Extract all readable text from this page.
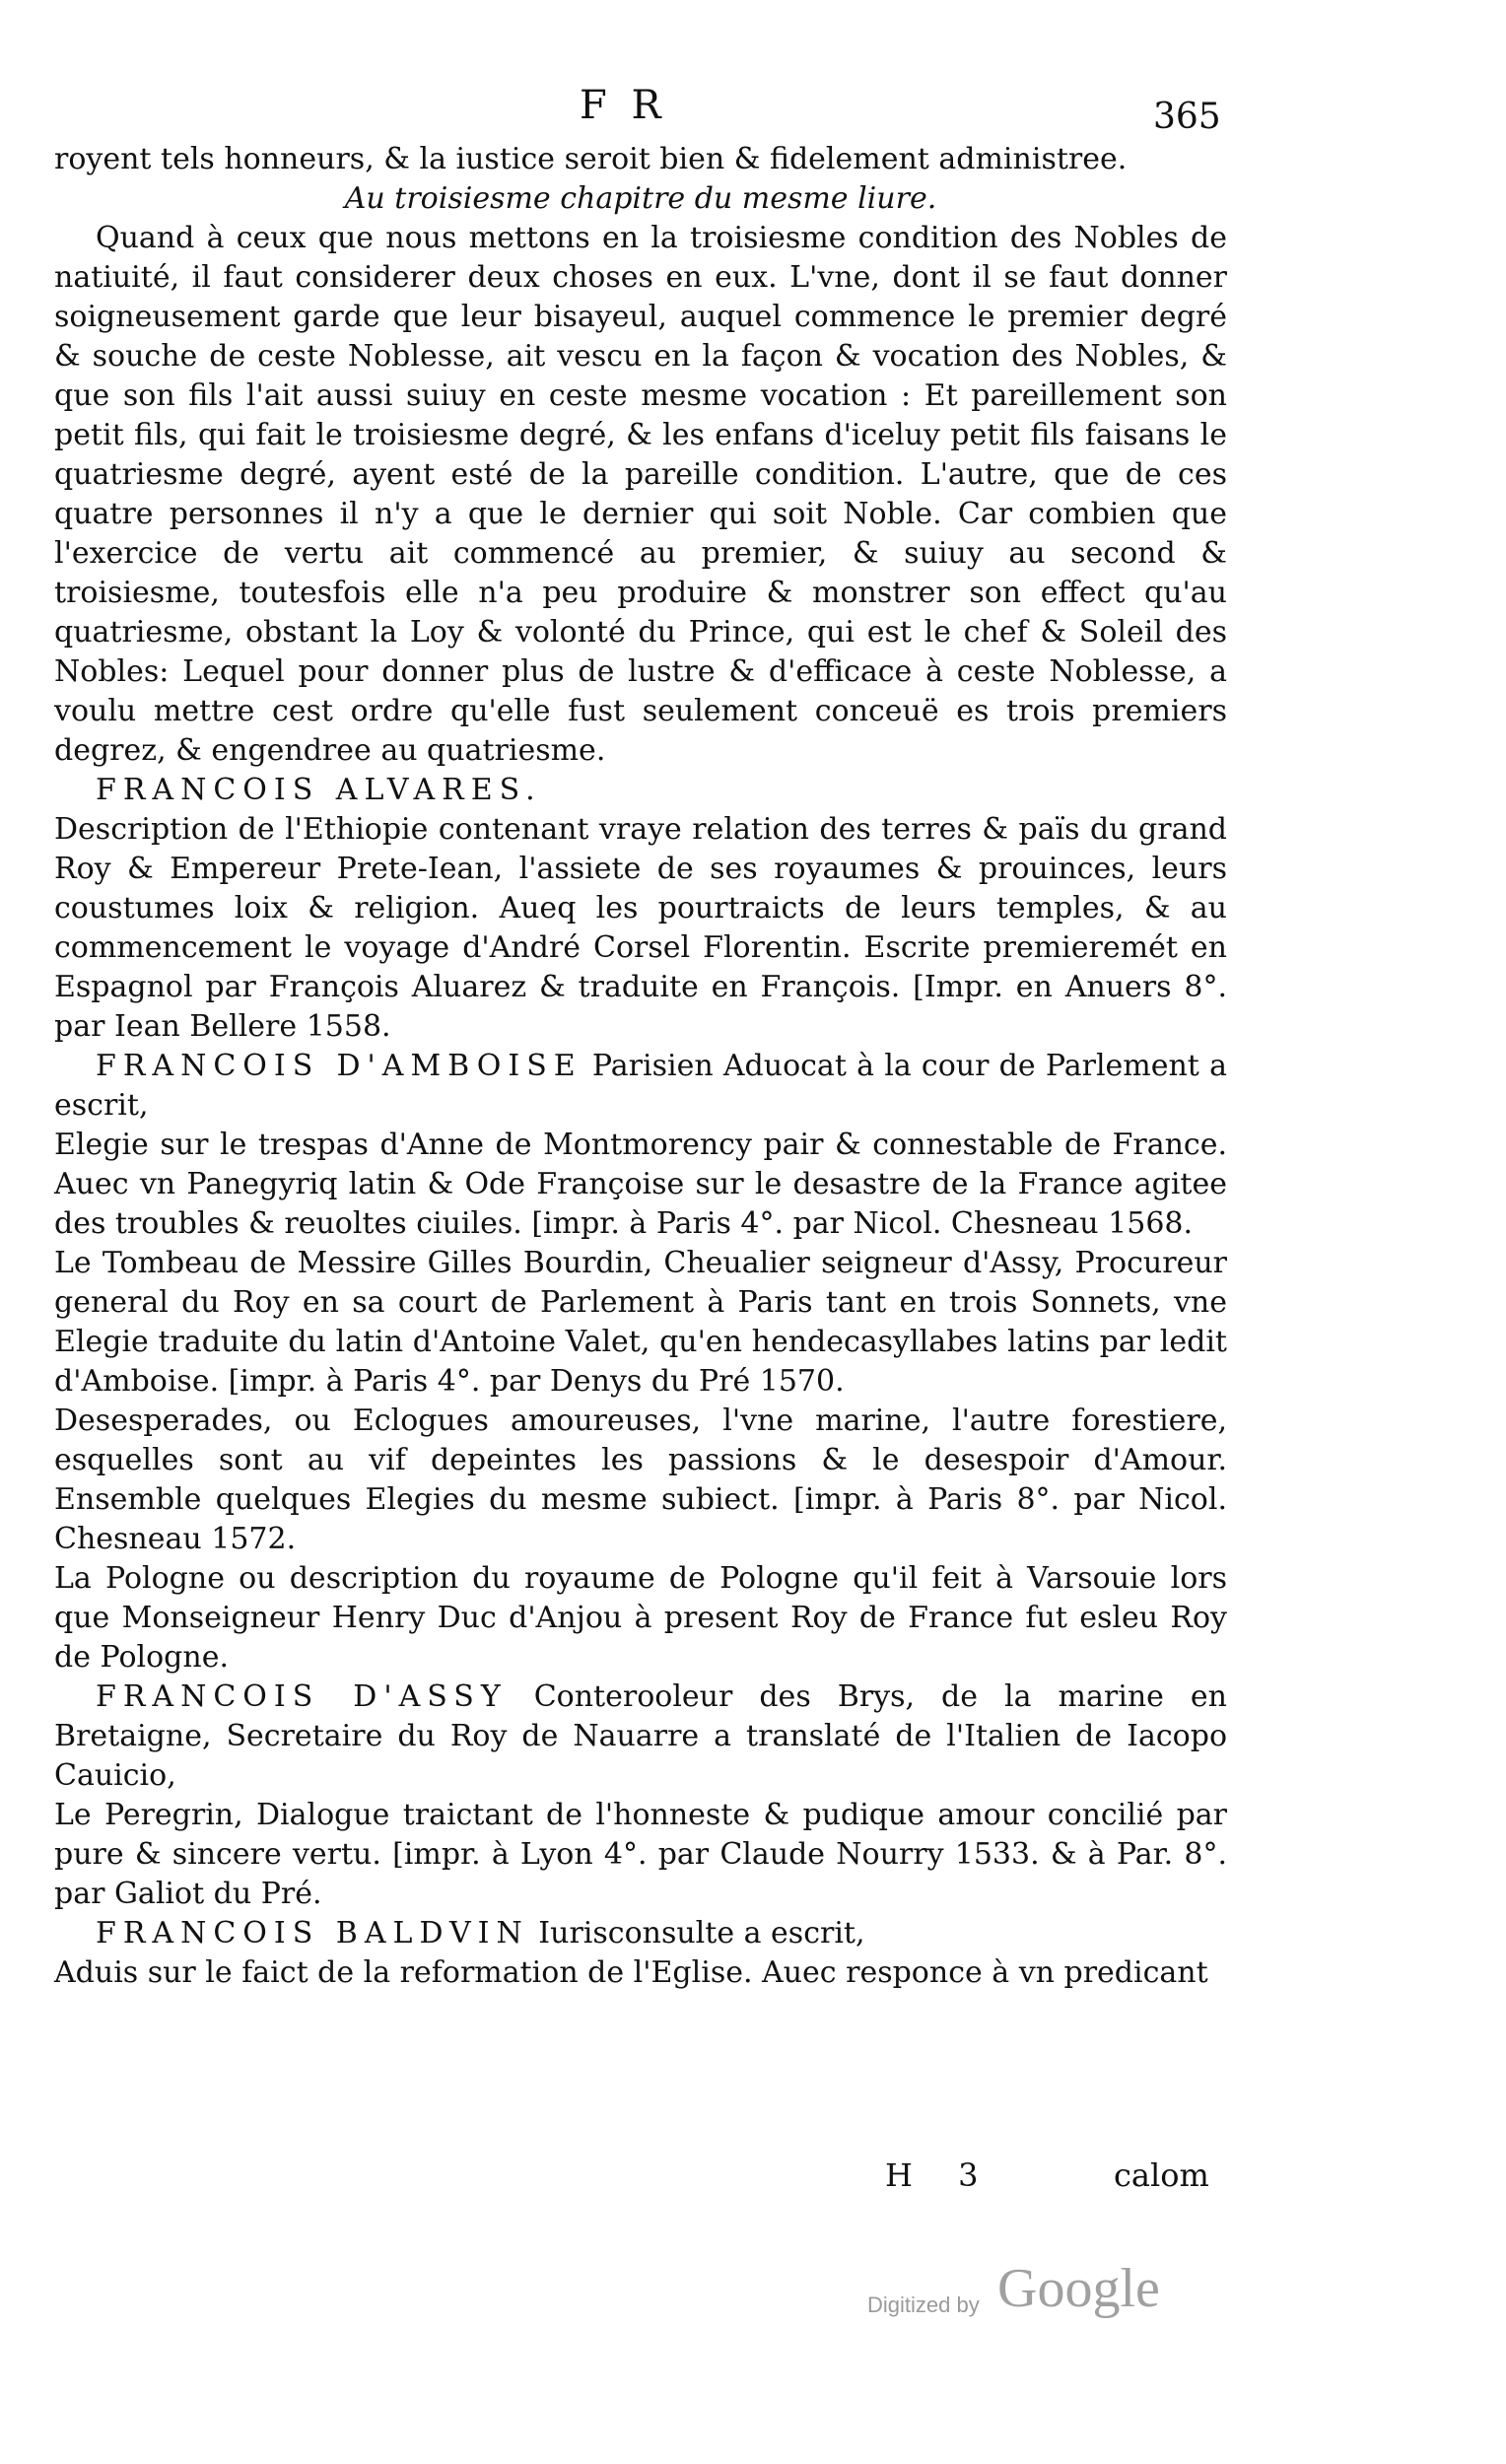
F R	365

royent tels honneurs, & la iustice seroit bien & fidelement administree.

Au troisiesme chapitre du mesme liure.

Quand à ceux que nous mettons en la troisiesme condition des Nobles de natiuité, il faut considerer deux choses en eux. L'vne, dont il se faut donner soigneusement garde que leur bisayeul, auquel commence le premier degré & souche de ceste Noblesse, ait vescu en la façon & vocation des Nobles, & que son fils l'ait aussi suiuy en ceste mesme vocation : Et pareillement son petit fils, qui fait le troisiesme degré, & les enfans d'iceluy petit fils faisans le quatriesme degré, ayent esté de la pareille condition. L'autre, que de ces quatre personnes il n'y a que le dernier qui soit Noble. Car combien que l'exercice de vertu ait commencé au premier, & suiuy au second & troisiesme, toutesfois elle n'a peu produire & monstrer son effect qu'au quatriesme, obstant la Loy & volonté du Prince, qui est le chef & Soleil des Nobles: Lequel pour donner plus de lustre & d'efficace à ceste Noblesse, a voulu mettre cest ordre qu'elle fust seulement conceuë es trois premiers degrez, & engendree au quatriesme.

FRANCOIS ALVARES.

Description de l'Ethiopie contenant vraye relation des terres & païs du grand Roy & Empereur Prete-Iean, l'assiete de ses royaumes & prouinces, leurs coustumes loix & religion. Aueq les pourtraicts de leurs temples, & au commencement le voyage d'André Corsel Florentin. Escrite premieremét en Espagnol par François Aluarez & traduite en François. [Impr. en Anuers 8°. par Iean Bellere 1558.

FRANCOIS D'AMBOISE Parisien Aduocat à la cour de Parlement a escrit,

Elegie sur le trespas d'Anne de Montmorency pair & connestable de France. Auec vn Panegyriq latin & Ode Françoise sur le desastre de la France agitee des troubles & reuoltes ciuiles. [impr. à Paris 4°. par Nicol. Chesneau 1568.

Le Tombeau de Messire Gilles Bourdin, Cheualier seigneur d'Assy, Procureur general du Roy en sa court de Parlement à Paris tant en trois Sonnets, vne Elegie traduite du latin d'Antoine Valet, qu'en hendecasyllabes latins par ledit d'Amboise. [impr. à Paris 4°. par Denys du Pré 1570.

Desesperades, ou Eclogues amoureuses, l'vne marine, l'autre forestiere, esquelles sont au vif depeintes les passions & le desespoir d'Amour. Ensemble quelques Elegies du mesme subiect. [impr. à Paris 8°. par Nicol. Chesneau 1572.

La Pologne ou description du royaume de Pologne qu'il feit à Varsouie lors que Monseigneur Henry Duc d'Anjou à present Roy de France fut esleu Roy de Pologne.

FRANCOIS D'ASSY Conterooleur des Brys, de la marine en Bretaigne, Secretaire du Roy de Nauarre a translaté de l'Italien de Iacopo Cauicio,

Le Peregrin, Dialogue traictant de l'honneste & pudique amour concilié par pure & sincere vertu. [impr. à Lyon 4°. par Claude Nourry 1533. & à Par. 8°. par Galiot du Pré.

FRANCOIS BALDVIN Iurisconsulte a escrit,

Aduis sur le faict de la reformation de l'Eglise. Auec responce à vn predicant

H 3	calom
Digitized by Google
